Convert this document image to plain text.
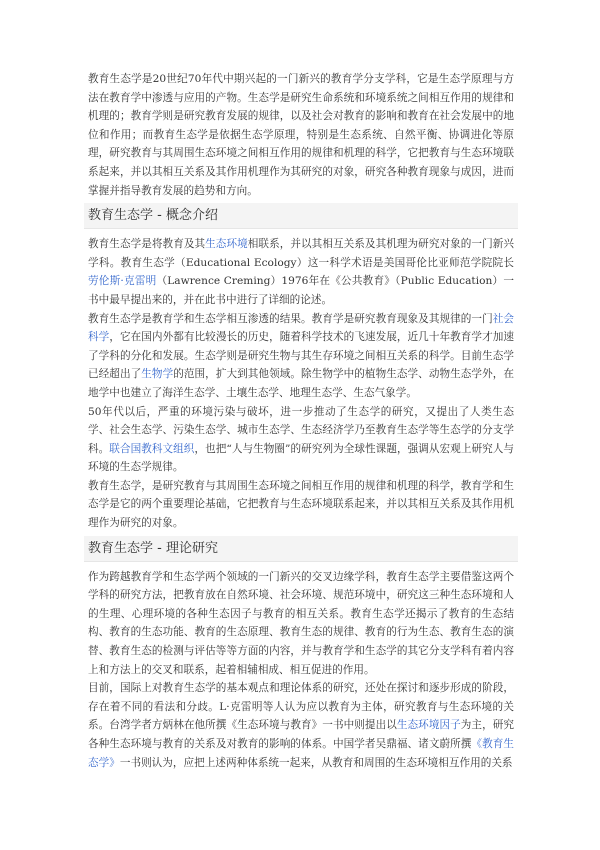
教育生态学是20世纪70年代中期兴起的一门新兴的教育学分支学科，它是生态学原理与方法在教育学中渗透与应用的产物。生态学是研究生命系统和环境系统之间相互作用的规律和机理的；教育学则是研究教育发展的规律，以及社会对教育的影响和教育在社会发展中的地位和作用；而教育生态学是依据生态学原理，特别是生态系统、自然平衡、协调进化等原理，研究教育与其周围生态环境之间相互作用的规律和机理的科学，它把教育与生态环境联系起来，并以其相互关系及其作用机理作为其研究的对象，研究各种教育现象与成因，进而掌握并指导教育发展的趋势和方向。

教育生态学 - 概念介绍

教育生态学是将教育及其生态环境相联系，并以其相互关系及其机理为研究对象的一门新兴学科。教育生态学（Educational Ecology）这一科学术语是美国哥伦比亚师范学院院长劳伦斯·克雷明（Lawrence Creming）1976年在《公共教育》（Public Education）一书中最早提出来的，并在此书中进行了详细的论述。

教育生态学是教育学和生态学相互渗透的结果。教育学是研究教育现象及其规律的一门社会科学，它在国内外都有比较漫长的历史，随着科学技术的飞速发展，近几十年教育学才加速了学科的分化和发展。生态学则是研究生物与其生存环境之间相互关系的科学。目前生态学已经超出了生物学的范围，扩大到其他领域。除生物学中的植物生态学、动物生态学外，在地学中也建立了海洋生态学、土壤生态学、地理生态学、生态气象学。

50年代以后，严重的环境污染与破坏，进一步推动了生态学的研究，又提出了人类生态学、社会生态学、污染生态学、城市生态学、生态经济学乃至教育生态学等生态学的分支学科。联合国教科文组织，也把“人与生物圈”的研究列为全球性课题，强调从宏观上研究人与环境的生态学规律。

教育生态学，是研究教育与其周围生态环境之间相互作用的规律和机理的科学，教育学和生态学是它的两个重要理论基础，它把教育与生态环境联系起来，并以其相互关系及其作用机理作为研究的对象。

教育生态学 - 理论研究

作为跨越教育学和生态学两个领域的一门新兴的交叉边缘学科，教育生态学主要借鉴这两个学科的研究方法，把教育放在自然环境、社会环境、规范环境中，研究这三种生态环境和人的生理、心理环境的各种生态因子与教育的相互关系。教育生态学还揭示了教育的生态结构、教育的生态功能、教育的生态原理、教育生态的规律、教育的行为生态、教育生态的演替、教育生态的检测与评估等等方面的内容，并与教育学和生态学的其它分支学科有着内容上和方法上的交叉和联系，起着相辅相成、相互促进的作用。

目前，国际上对教育生态学的基本观点和理论体系的研究，还处在探讨和逐步形成的阶段，存在着不同的看法和分歧。L·克雷明等人认为应以教育为主体，研究教育与生态环境的关系。台湾学者方炳林在他所撰《生态环境与教育》一书中则提出以生态环境因子为主，研究各种生态环境与教育的关系及对教育的影响的体系。中国学者吴鼎福、诸文蔚所撰《教育生态学》一书则认为，应把上述两种体系统一起来，从教育和周围的生态环境相互作用的关系
